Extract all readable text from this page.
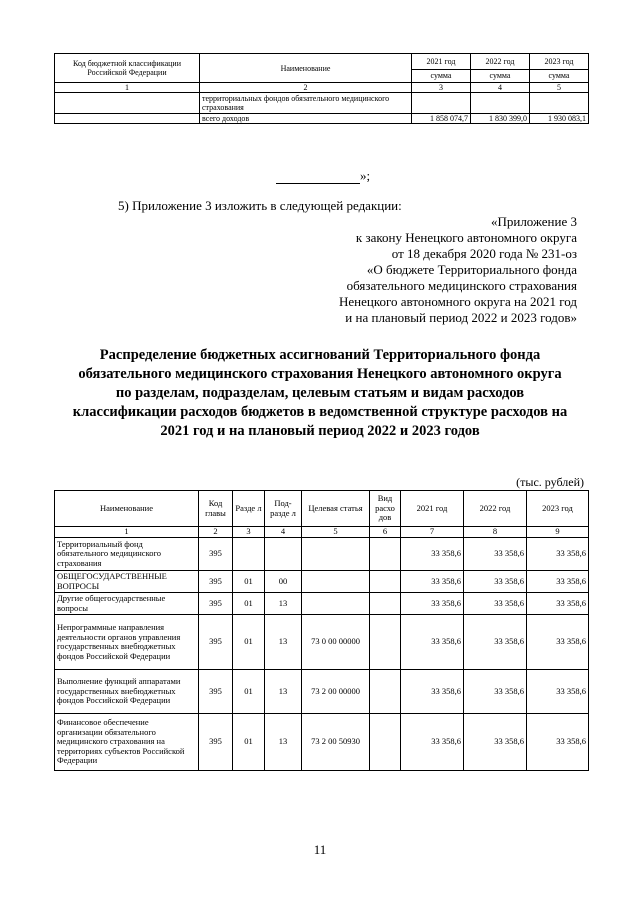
Код бюджетной классификации Российской Федерации	Наименование	2021 год	2022 год	2023 год
		сумма	сумма	сумма
1	2	3	4	5
	территориальных фондов обязательного медицинского страхования			
	всего доходов	1 858 074,7	1 830 399,0	1 930 083,1
»;
5) Приложение 3 изложить в следующей редакции:
«Приложение 3
к закону Ненецкого автономного округа
от 18 декабря 2020 года № 231-оз
«О бюджете Территориального фонда
обязательного медицинского страхования
Ненецкого автономного округа на 2021 год
и на плановый период 2022 и 2023 годов»
Распределение бюджетных ассигнований Территориального фонда обязательного медицинского страхования Ненецкого автономного округа по разделам, подразделам, целевым статьям и видам расходов классификации расходов бюджетов в ведомственной структуре расходов на 2021 год и на плановый период 2022 и 2023 годов
(тыс. рублей)
Наименование	Код главы	Разде л	Под-разде л	Целевая статья	Вид расхо дов	2021 год	2022 год	2023 год
1	2	3	4	5	6	7	8	9
Территориальный фонд обязательного медицинского страхования	395					33 358,6	33 358,6	33 358,6
ОБЩЕГОСУДАРСТВЕННЫЕ ВОПРОСЫ	395	01	00			33 358,6	33 358,6	33 358,6
Другие общегосударственные вопросы	395	01	13			33 358,6	33 358,6	33 358,6
Непрограммные направления деятельности органов управления государственных внебюджетных фондов Российской Федерации	395	01	13	73 0 00 00000		33 358,6	33 358,6	33 358,6
Выполнение функций аппаратами государственных внебюджетных фондов Российской Федерации	395	01	13	73 2 00 00000		33 358,6	33 358,6	33 358,6
Финансовое обеспечение организации обязательного медицинского страхования на территориях субъектов Российской Федерации	395	01	13	73 2 00 50930		33 358,6	33 358,6	33 358,6
11
